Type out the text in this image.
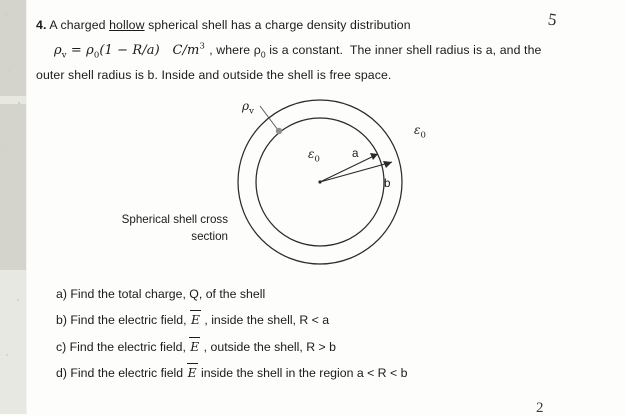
4. A charged hollow spherical shell has a charge density distribution
$\rho_v = \rho_0(1 - R/a)$   $C/m^3$ , where $\rho_0$ is a constant.  The inner shell radius is a, and the
outer shell radius is b. Inside and outside the shell is free space.
$\rho_v$
$\varepsilon_0$
$\varepsilon_0$	a
b
Spherical shell cross
section
a) Find the total charge, Q, of the shell
b) Find the electric field, E , inside the shell, R < a
c) Find the electric field, E , outside the shell, R > b
d) Find the electric field E inside the shell in the region a < R < b
5
2
